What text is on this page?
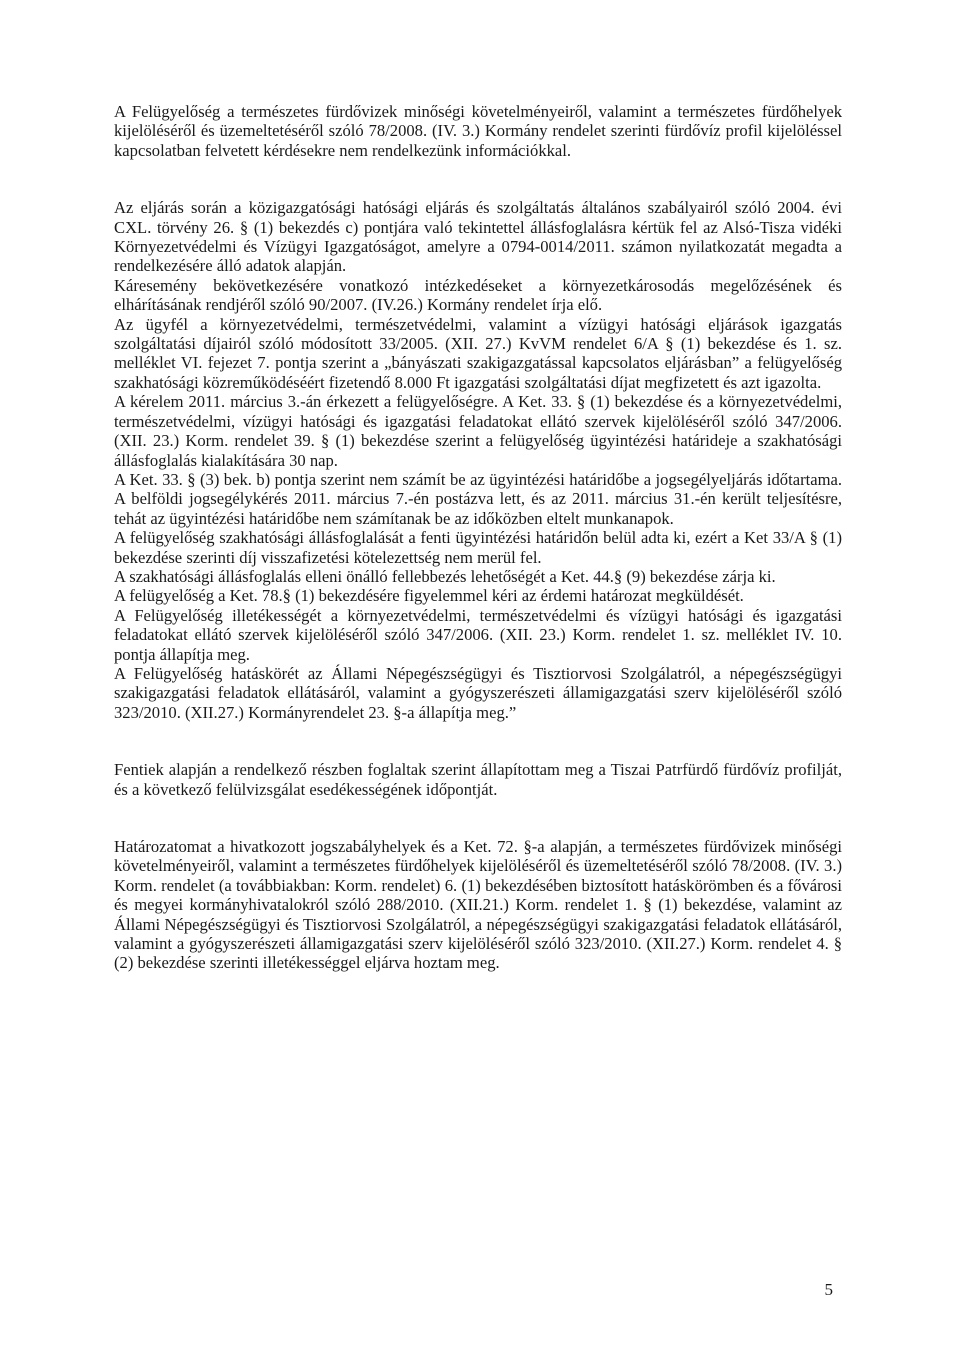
A Felügyelőség a természetes fürdővizek minőségi követelményeiről, valamint a természetes fürdőhelyek kijelöléséről és üzemeltetéséről szóló 78/2008. (IV. 3.) Kormány rendelet szerinti fürdővíz profil kijelöléssel kapcsolatban felvetett kérdésekre nem rendelkezünk információkkal.

Az eljárás során a közigazgatósági hatósági eljárás és szolgáltatás általános szabályairól szóló 2004. évi CXL. törvény 26. § (1) bekezdés c) pontjára való tekintettel állásfoglalásra kértük fel az Alsó-Tisza vidéki Környezetvédelmi és Vízügyi Igazgatóságot, amelyre a 0794-0014/2011. számon nyilatkozatát megadta a rendelkezésére álló adatok alapján.

Káresemény bekövetkezésére vonatkozó intézkedéseket a környezetkárosodás megelőzésének és elhárításának rendjéről szóló 90/2007. (IV.26.) Kormány rendelet írja elő.

Az ügyfél a környezetvédelmi, természetvédelmi, valamint a vízügyi hatósági eljárások igazgatás szolgáltatási díjairól szóló módosított 33/2005. (XII. 27.) KvVM rendelet 6/A § (1) bekezdése és 1. sz. melléklet VI. fejezet 7. pontja szerint a „bányászati szakigazgatással kapcsolatos eljárásban” a felügyelőség szakhatósági közreműködéséért fizetendő 8.000 Ft igazgatási szolgáltatási díjat megfizetett és azt igazolta.

A kérelem 2011. március 3.-án érkezett a felügyelőségre. A Ket. 33. § (1) bekezdése és a környezetvédelmi, természetvédelmi, vízügyi hatósági és igazgatási feladatokat ellátó szervek kijelöléséről szóló 347/2006. (XII. 23.) Korm. rendelet 39. § (1) bekezdése szerint a felügyelőség ügyintézési határideje a szakhatósági állásfoglalás kialakítására 30 nap.

A Ket. 33. § (3) bek. b) pontja szerint nem számít be az ügyintézési határidőbe a jogsegélyeljárás időtartama. A belföldi jogsegélykérés 2011. március 7.-én postázva lett, és az 2011. március 31.-én került teljesítésre, tehát az ügyintézési határidőbe nem számítanak be az időközben eltelt munkanapok.

A felügyelőség szakhatósági állásfoglalását a fenti ügyintézési határidőn belül adta ki, ezért a Ket 33/A § (1) bekezdése szerinti díj visszafizetési kötelezettség nem merül fel.

A szakhatósági állásfoglalás elleni önálló fellebbezés lehetőségét a Ket. 44.§ (9) bekezdése zárja ki.

A felügyelőség a Ket. 78.§ (1) bekezdésére figyelemmel kéri az érdemi határozat megküldését.

A Felügyelőség illetékességét a környezetvédelmi, természetvédelmi és vízügyi hatósági és igazgatási feladatokat ellátó szervek kijelöléséről szóló 347/2006. (XII. 23.) Korm. rendelet 1. sz. melléklet IV. 10. pontja állapítja meg.

A Felügyelőség hatáskörét az Állami Népegészségügyi és Tisztiorvosi Szolgálatról, a népegészségügyi szakigazgatási feladatok ellátásáról, valamint a gyógyszerészeti államigazgatási szerv kijelöléséről szóló 323/2010. (XII.27.) Kormányrendelet 23. §-a állapítja meg.”

Fentiek alapján a rendelkező részben foglaltak szerint állapítottam meg a Tiszai Patrfürdő fürdővíz profilját, és a következő felülvizsgálat esedékességének időpontját.

Határozatomat a hivatkozott jogszabályhelyek és a Ket. 72. §-a alapján, a természetes fürdővizek minőségi követelményeiről, valamint a természetes fürdőhelyek kijelöléséről és üzemeltetéséről szóló 78/2008. (IV. 3.) Korm. rendelet (a továbbiakban: Korm. rendelet) 6. (1) bekezdésében biztosított hatáskörömben és a fővárosi és megyei kormányhivatalokról szóló 288/2010. (XII.21.) Korm. rendelet 1. § (1) bekezdése, valamint az Állami Népegészségügyi és Tisztiorvosi Szolgálatról, a népegészségügyi szakigazgatási feladatok ellátásáról, valamint a gyógyszerészeti államigazgatási szerv kijelöléséről szóló 323/2010. (XII.27.) Korm. rendelet 4. § (2) bekezdése szerinti illetékességgel eljárva hoztam meg.

5
